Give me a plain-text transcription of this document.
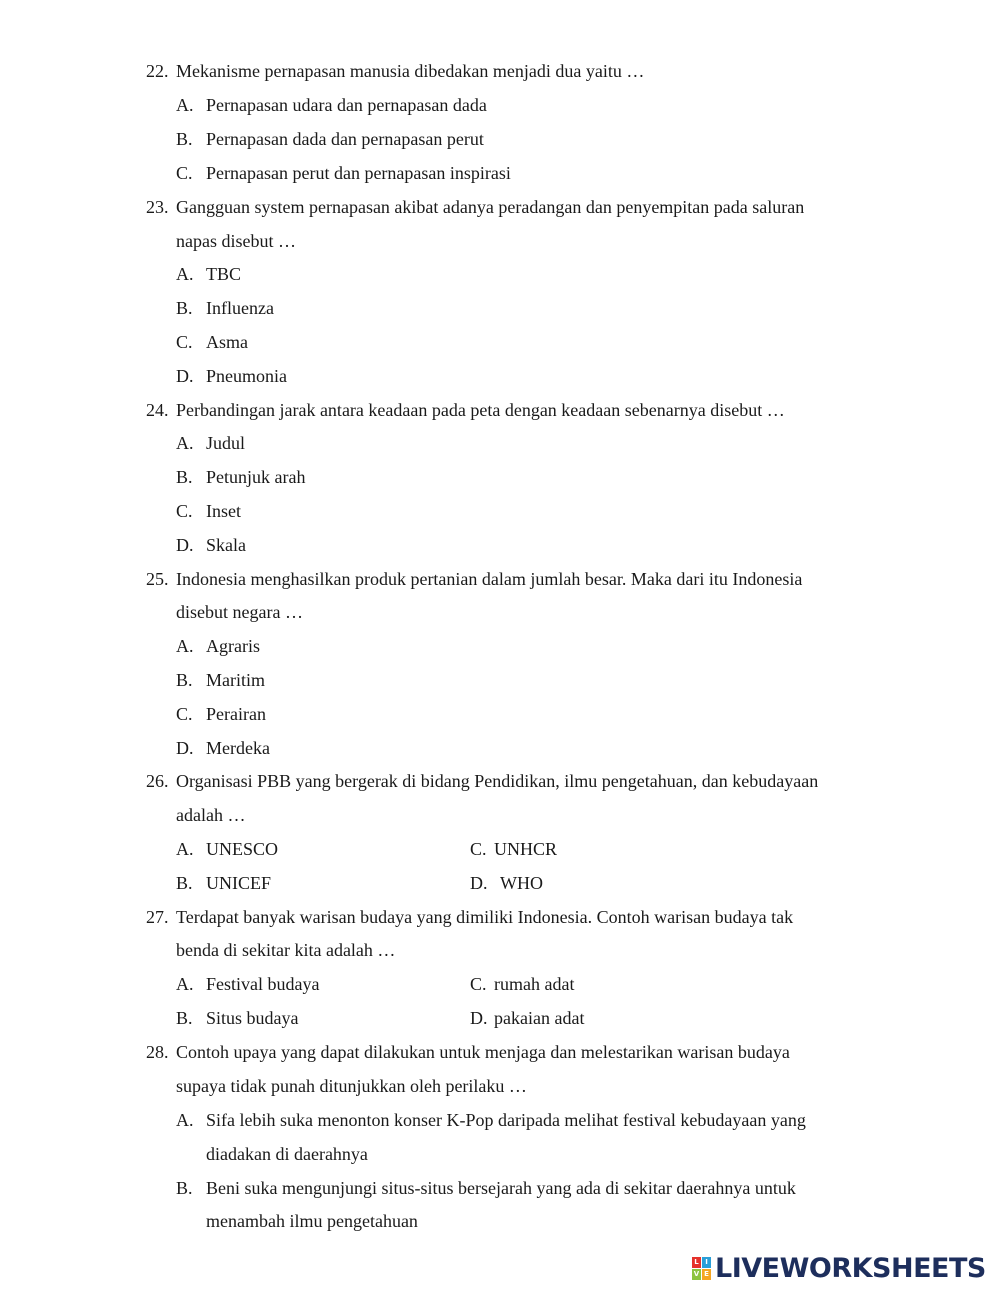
22. Mekanisme pernapasan manusia dibedakan menjadi dua yaitu …
A. Pernapasan udara dan pernapasan dada
B. Pernapasan dada dan pernapasan perut
C. Pernapasan perut dan pernapasan inspirasi
23. Gangguan system pernapasan akibat adanya peradangan dan penyempitan pada saluran
napas disebut …
A. TBC
B. Influenza
C. Asma
D. Pneumonia
24. Perbandingan jarak antara keadaan pada peta dengan keadaan sebenarnya disebut …
A. Judul
B. Petunjuk arah
C. Inset
D. Skala
25. Indonesia menghasilkan produk pertanian dalam jumlah besar. Maka dari itu Indonesia
disebut negara …
A. Agraris
B. Maritim
C. Perairan
D. Merdeka
26. Organisasi PBB yang bergerak di bidang Pendidikan, ilmu pengetahuan, dan kebudayaan
adalah …
A. UNESCO	C. UNHCR
B. UNICEF	D. WHO
27. Terdapat banyak warisan budaya yang dimiliki Indonesia. Contoh warisan budaya tak
benda di sekitar kita adalah …
A. Festival budaya	C. rumah adat
B. Situs budaya	D. pakaian adat
28. Contoh upaya yang dapat dilakukan untuk menjaga dan melestarikan warisan budaya
supaya tidak punah ditunjukkan oleh perilaku …
A. Sifa lebih suka menonton konser K-Pop daripada melihat festival kebudayaan yang
diadakan di daerahnya
B. Beni suka mengunjungi situs-situs bersejarah yang ada di sekitar daerahnya untuk
menambah ilmu pengetahuan
L I
V E LIVEWORKSHEETS
